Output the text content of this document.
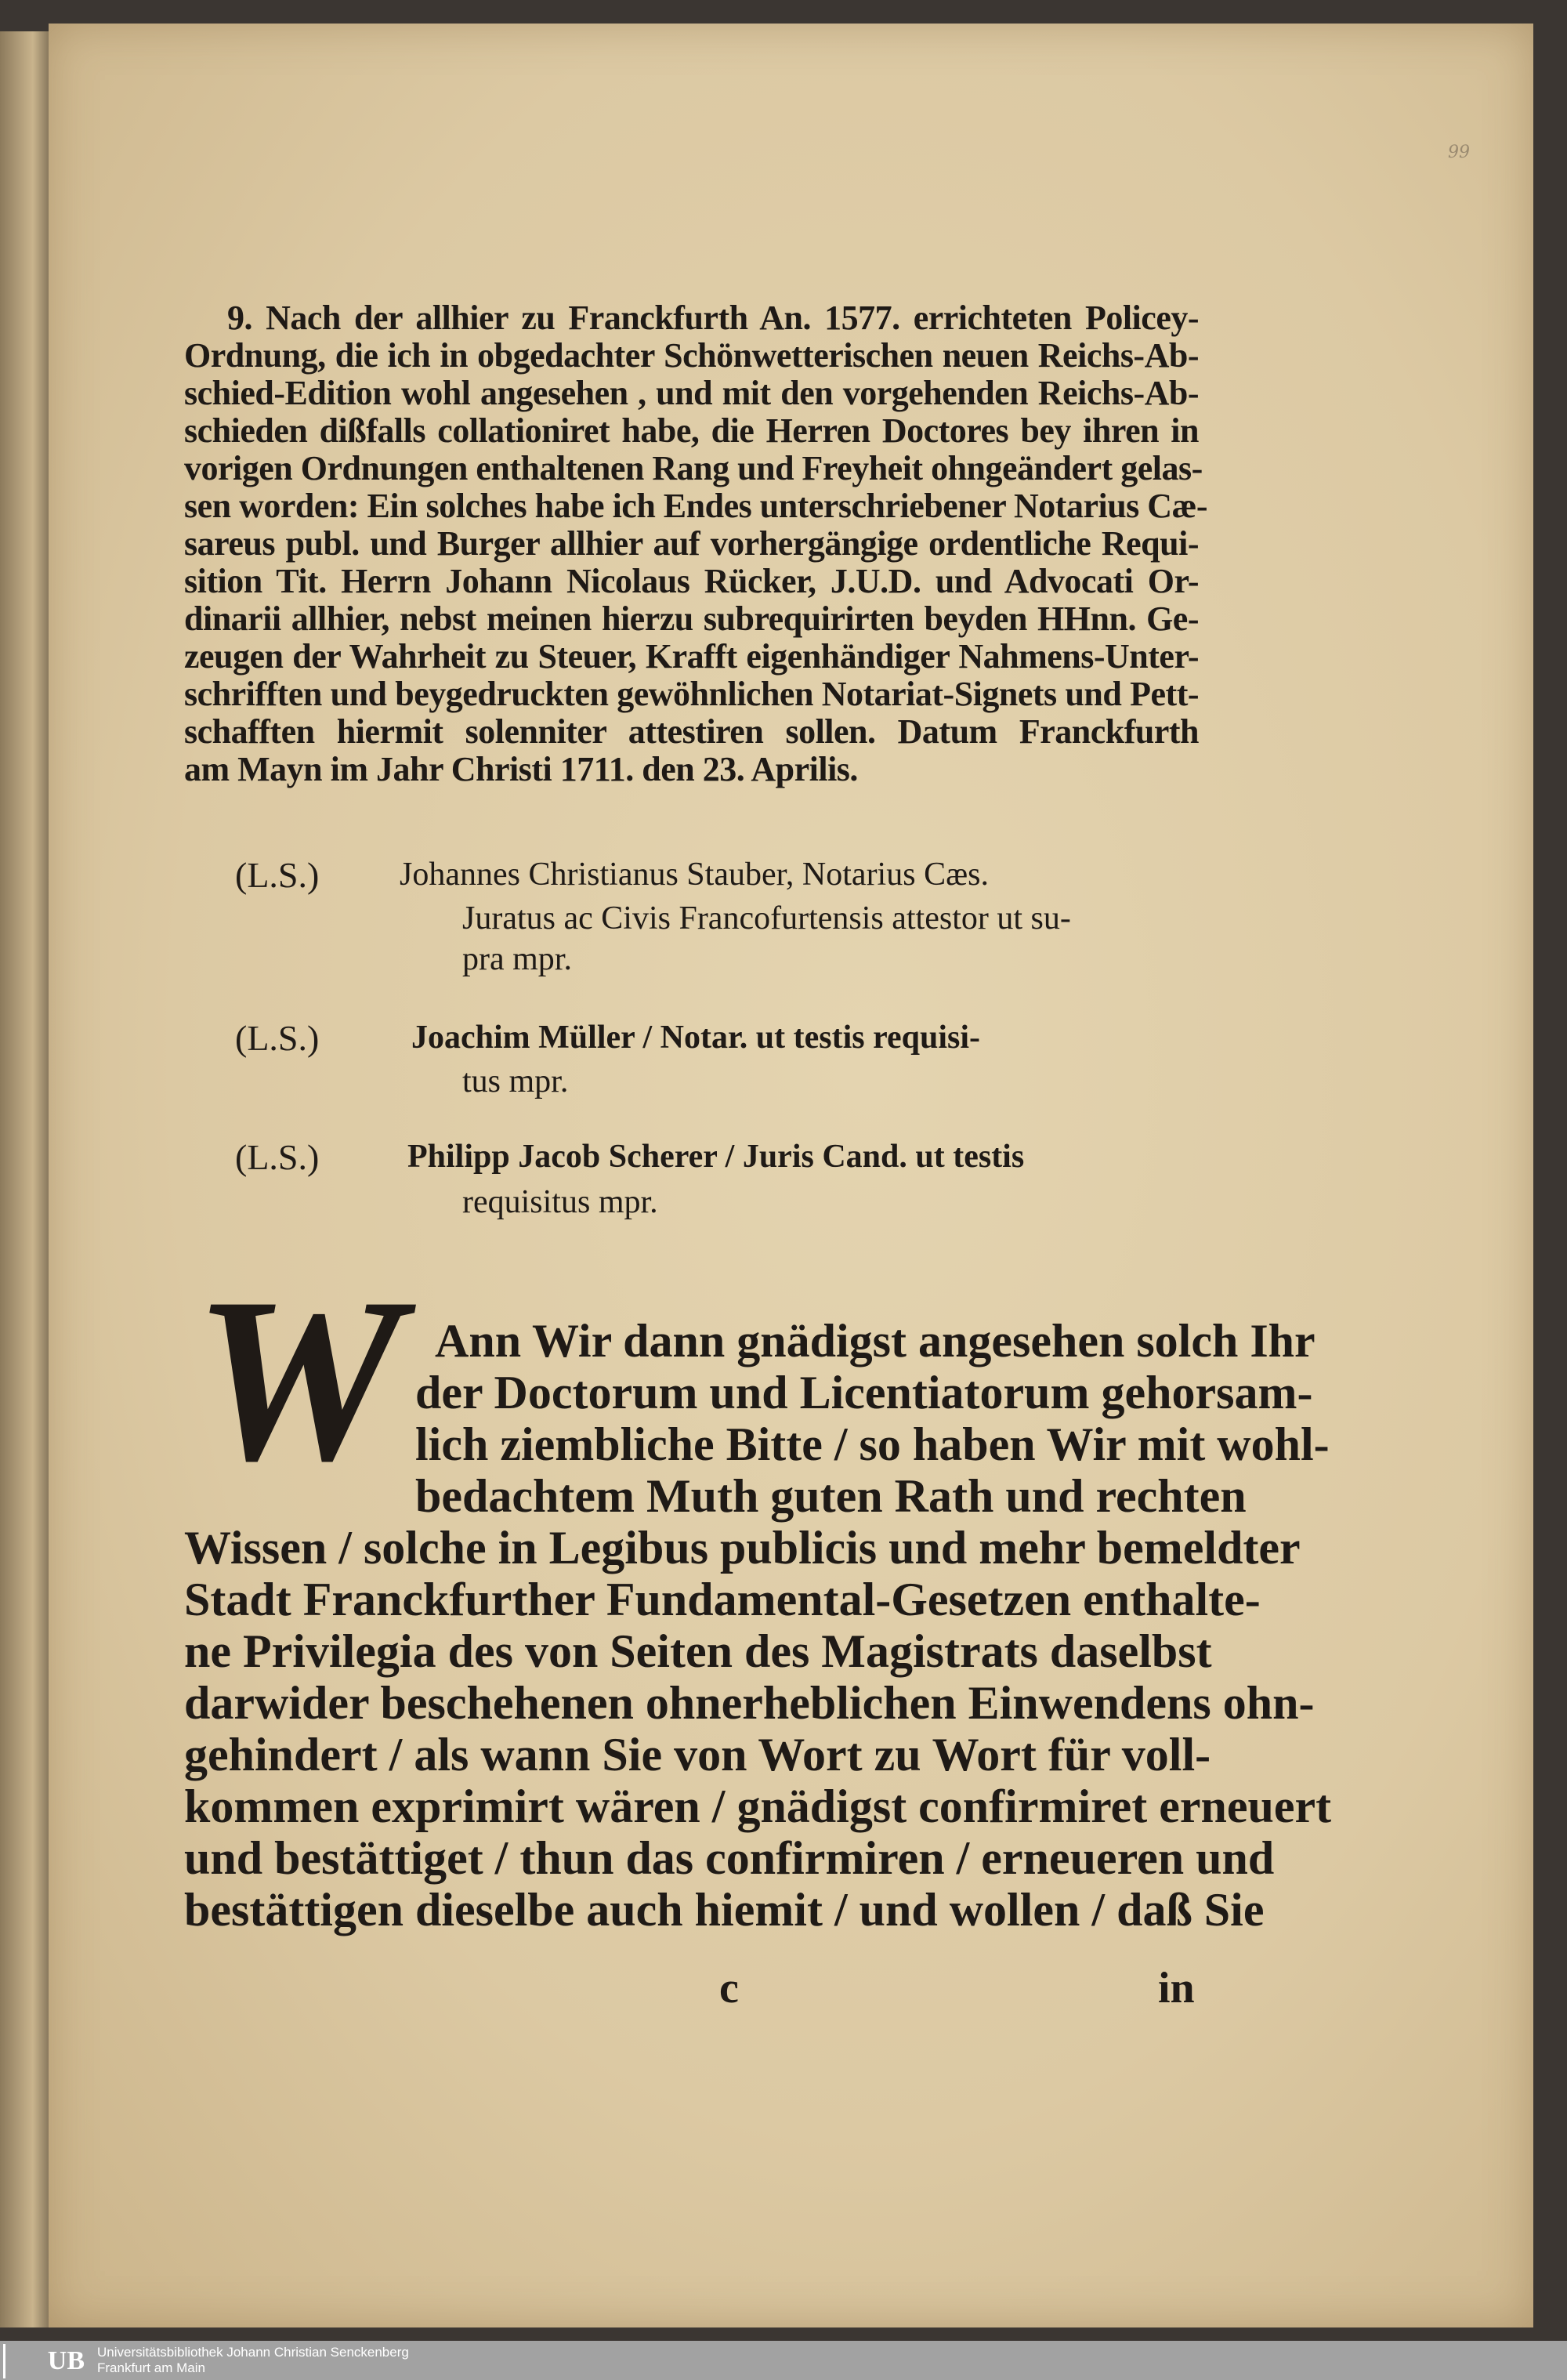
99
9. Nach der allhier zu Franckfurth An. 1577. errichteten Policey-
Ordnung, die ich in obgedachter Schönwetterischen neuen Reichs-Ab-
schied-Edition wohl angesehen , und mit den vorgehenden Reichs-Ab-
schieden dißfalls collationiret habe, die Herren Doctores bey ihren in
vorigen Ordnungen enthaltenen Rang und Freyheit ohngeändert gelas-
sen worden: Ein solches habe ich Endes unterschriebener Notarius Cæ-
sareus publ. und Burger allhier auf vorhergängige ordentliche Requi-
sition Tit. Herrn Johann Nicolaus Rücker, J.U.D. und Advocati Or-
dinarii allhier, nebst meinen hierzu subrequirirten beyden HHnn. Ge-
zeugen der Wahrheit zu Steuer, Krafft eigenhändiger Nahmens-Unter-
schrifften und beygedruckten gewöhnlichen Notariat-Signets und Pett-
schafften hiermit solenniter attestiren sollen. Datum Franckfurth
am Mayn im Jahr Christi 1711. den 23. Aprilis.
(L.S.) Johannes Christianus Stauber, Notarius Cæs.
Juratus ac Civis Francofurtensis attestor ut su-
pra mpr.
(L.S.)	Joachim Müller / Notar. ut testis requisi-
tus mpr.
(L.S.)	Philipp Jacob Scherer / Juris Cand. ut testis
requisitus mpr.
W Ann Wir dann gnädigst angesehen solch Ihr
der Doctorum und Licentiatorum gehorsam-
lich ziembliche Bitte / so haben Wir mit wohl-
bedachtem Muth guten Rath und rechten
Wissen / solche in Legibus publicis und mehr bemeldter
Stadt Franckfurther Fundamental-Gesetzen enthalte-
ne Privilegia des von Seiten des Magistrats daselbst
darwider beschehenen ohnerheblichen Einwendens ohn-
gehindert / als wann Sie von Wort zu Wort für voll-
kommen exprimirt wären / gnädigst confirmiret erneuert
und bestättiget / thun das confirmiren / erneueren und
bestättigen dieselbe auch hiemit / und wollen / daß Sie
c	in
UB Universitätsbibliothek Johann Christian Senckenberg
Frankfurt am Main
